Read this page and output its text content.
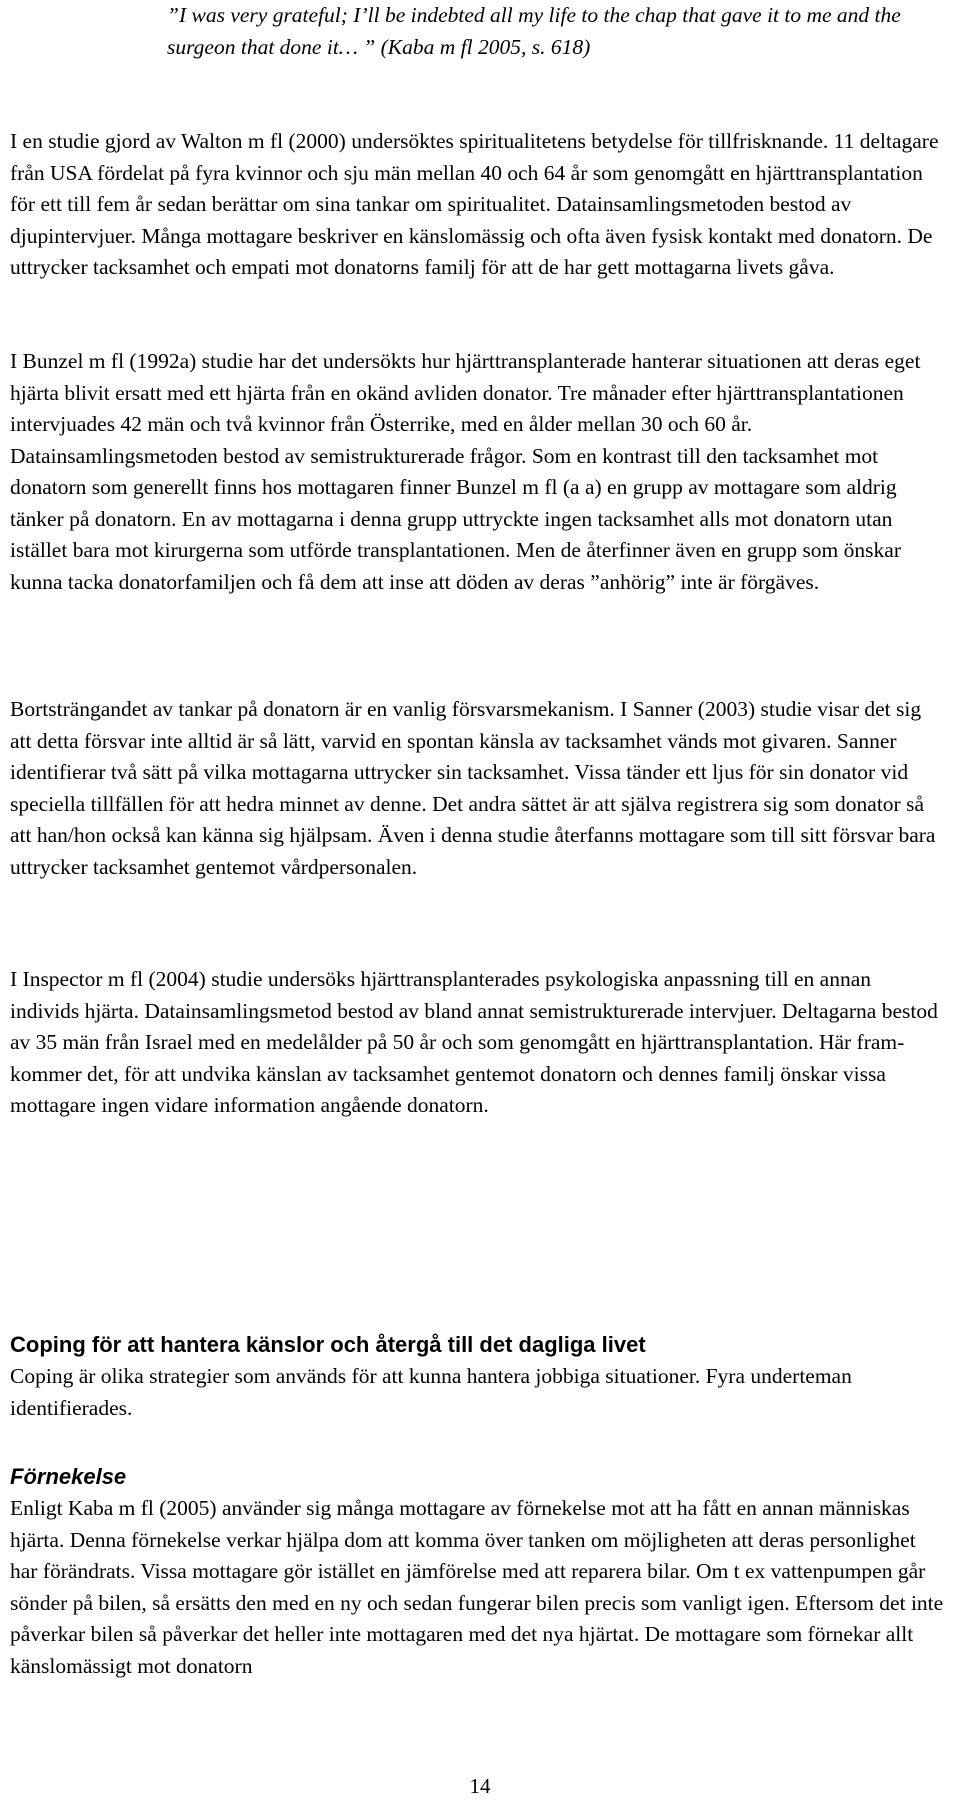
”I was very grateful; I’ll be indebted all my life to the chap that gave it to me and the surgeon that done it… ” (Kaba m fl 2005, s. 618)

I en studie gjord av Walton m fl (2000) undersöktes spiritualitetens betydelse för tillfrisknande. 11 deltagare från USA fördelat på fyra kvinnor och sju män mellan 40 och 64 år som genomgått en hjärttransplantation för ett till fem år sedan berättar om sina tankar om spiritualitet. Datainsamlingsmetoden bestod av djupintervjuer. Många mottagare beskriver en känslomässig och ofta även fysisk kontakt med donatorn. De uttrycker tacksamhet och empati mot donatorns familj för att de har gett mottagarna livets gåva.

I Bunzel m fl (1992a) studie har det undersökts hur hjärttransplanterade hanterar situationen att deras eget hjärta blivit ersatt med ett hjärta från en okänd avliden donator. Tre månader efter hjärttransplantationen intervjuades 42 män och två kvinnor från Österrike, med en ålder mellan 30 och 60 år. Datainsamlingsmetoden bestod av semistrukturerade frågor. Som en kontrast till den tacksamhet mot donatorn som generellt finns hos mottagaren finner Bunzel m fl (a a) en grupp av mottagare som aldrig tänker på donatorn. En av mottagarna i denna grupp uttryckte ingen tacksamhet alls mot donatorn utan istället bara mot kirurgerna som utförde transplantationen. Men de återfinner även en grupp som önskar kunna tacka donatorfamiljen och få dem att inse att döden av deras ”anhörig” inte är förgäves.

Bortsträngandet av tankar på donatorn är en vanlig försvarsmekanism. I Sanner (2003) studie visar det sig att detta försvar inte alltid är så lätt, varvid en spontan känsla av tacksamhet vänds mot givaren. Sanner identifierar två sätt på vilka mottagarna uttrycker sin tacksamhet. Vissa tänder ett ljus för sin donator vid speciella tillfällen för att hedra minnet av denne. Det andra sättet är att själva registrera sig som donator så att han/hon också kan känna sig hjälpsam. Även i denna studie återfanns mottagare som till sitt försvar bara uttrycker tacksamhet gentemot vårdpersonalen.

I Inspector m fl (2004) studie undersöks hjärttransplanterades psykologiska anpassning till en annan individs hjärta. Datainsamlingsmetod bestod av bland annat semistrukturerade intervjuer. Deltagarna bestod av 35 män från Israel med en medelålder på 50 år och som genomgått en hjärttransplantation. Här fram-kommer det, för att undvika känslan av tacksamhet gentemot donatorn och dennes familj önskar vissa mottagare ingen vidare information angående donatorn.

Coping för att hantera känslor och återgå till det dagliga livet

Coping är olika strategier som används för att kunna hantera jobbiga situationer. Fyra underteman identifierades.

Förnekelse

Enligt Kaba m fl (2005) använder sig många mottagare av förnekelse mot att ha fått en annan människas hjärta. Denna förnekelse verkar hjälpa dom att komma över tanken om möjligheten att deras personlighet har förändrats. Vissa mottagare gör istället en jämförelse med att reparera bilar. Om t ex vattenpumpen går sönder på bilen, så ersätts den med en ny och sedan fungerar bilen precis som vanligt igen. Eftersom det inte påverkar bilen så påverkar det heller inte mottagaren med det nya hjärtat. De mottagare som förnekar allt känslomässigt mot donatorn

14
